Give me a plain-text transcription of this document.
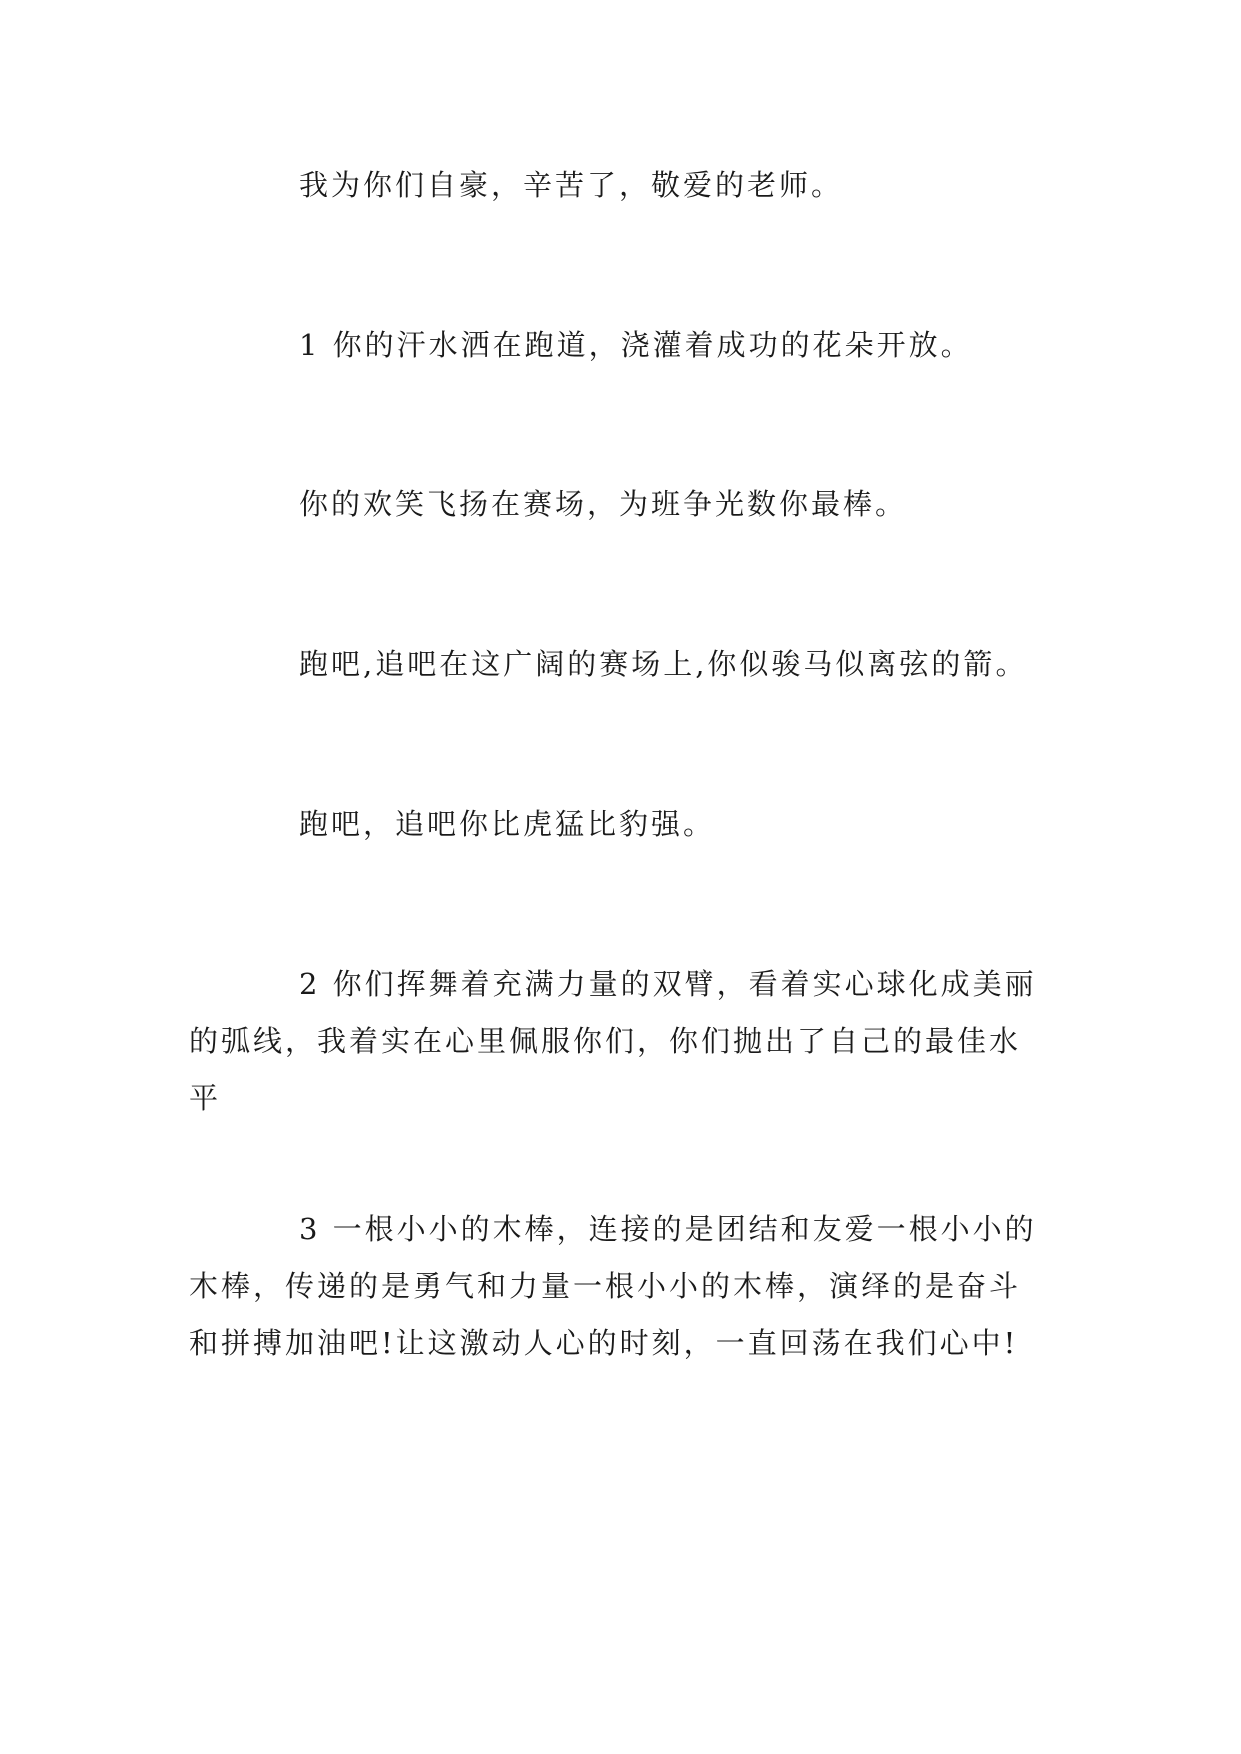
我为你们自豪，辛苦了，敬爱的老师。

1 你的汗水洒在跑道，浇灌着成功的花朵开放。

你的欢笑飞扬在赛场，为班争光数你最棒。

跑吧,追吧在这广阔的赛场上,你似骏马似离弦的箭。

跑吧，追吧你比虎猛比豹强。

2 你们挥舞着充满力量的双臂，看着实心球化成美丽
的弧线，我着实在心里佩服你们，你们抛出了自己的最佳水
平

3 一根小小的木棒，连接的是团结和友爱一根小小的
木棒，传递的是勇气和力量一根小小的木棒，演绎的是奋斗
和拼搏加油吧!让这激动人心的时刻，一直回荡在我们心中!
